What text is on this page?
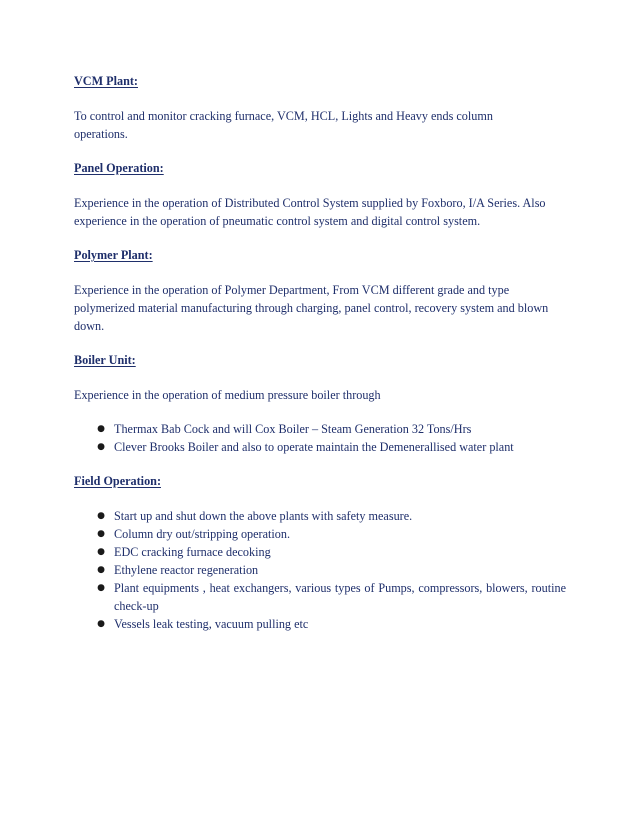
VCM Plant:

To control and monitor cracking furnace, VCM, HCL, Lights and Heavy ends column

operations.

Panel Operation:

Experience in the operation of Distributed Control System supplied by Foxboro, I/A Series. Also

experience in the operation of pneumatic control system and digital control system.

Polymer Plant:

Experience in the operation of Polymer Department, From VCM different grade and type

polymerized material manufacturing through charging, panel control, recovery system and blown

down.

Boiler Unit:

Experience in the operation of medium pressure boiler through

● Thermax Bab Cock and will Cox Boiler – Steam Generation 32 Tons/Hrs
● Clever Brooks Boiler and also to operate maintain the Demenerallised water plant

Field Operation:

● Start up and shut down the above plants with safety measure.
● Column dry out/stripping operation.
● EDC cracking furnace decoking
● Ethylene reactor regeneration
● Plant equipments , heat exchangers, various types of Pumps, compressors, blowers, routine check-up
● Vessels leak testing, vacuum pulling etc
